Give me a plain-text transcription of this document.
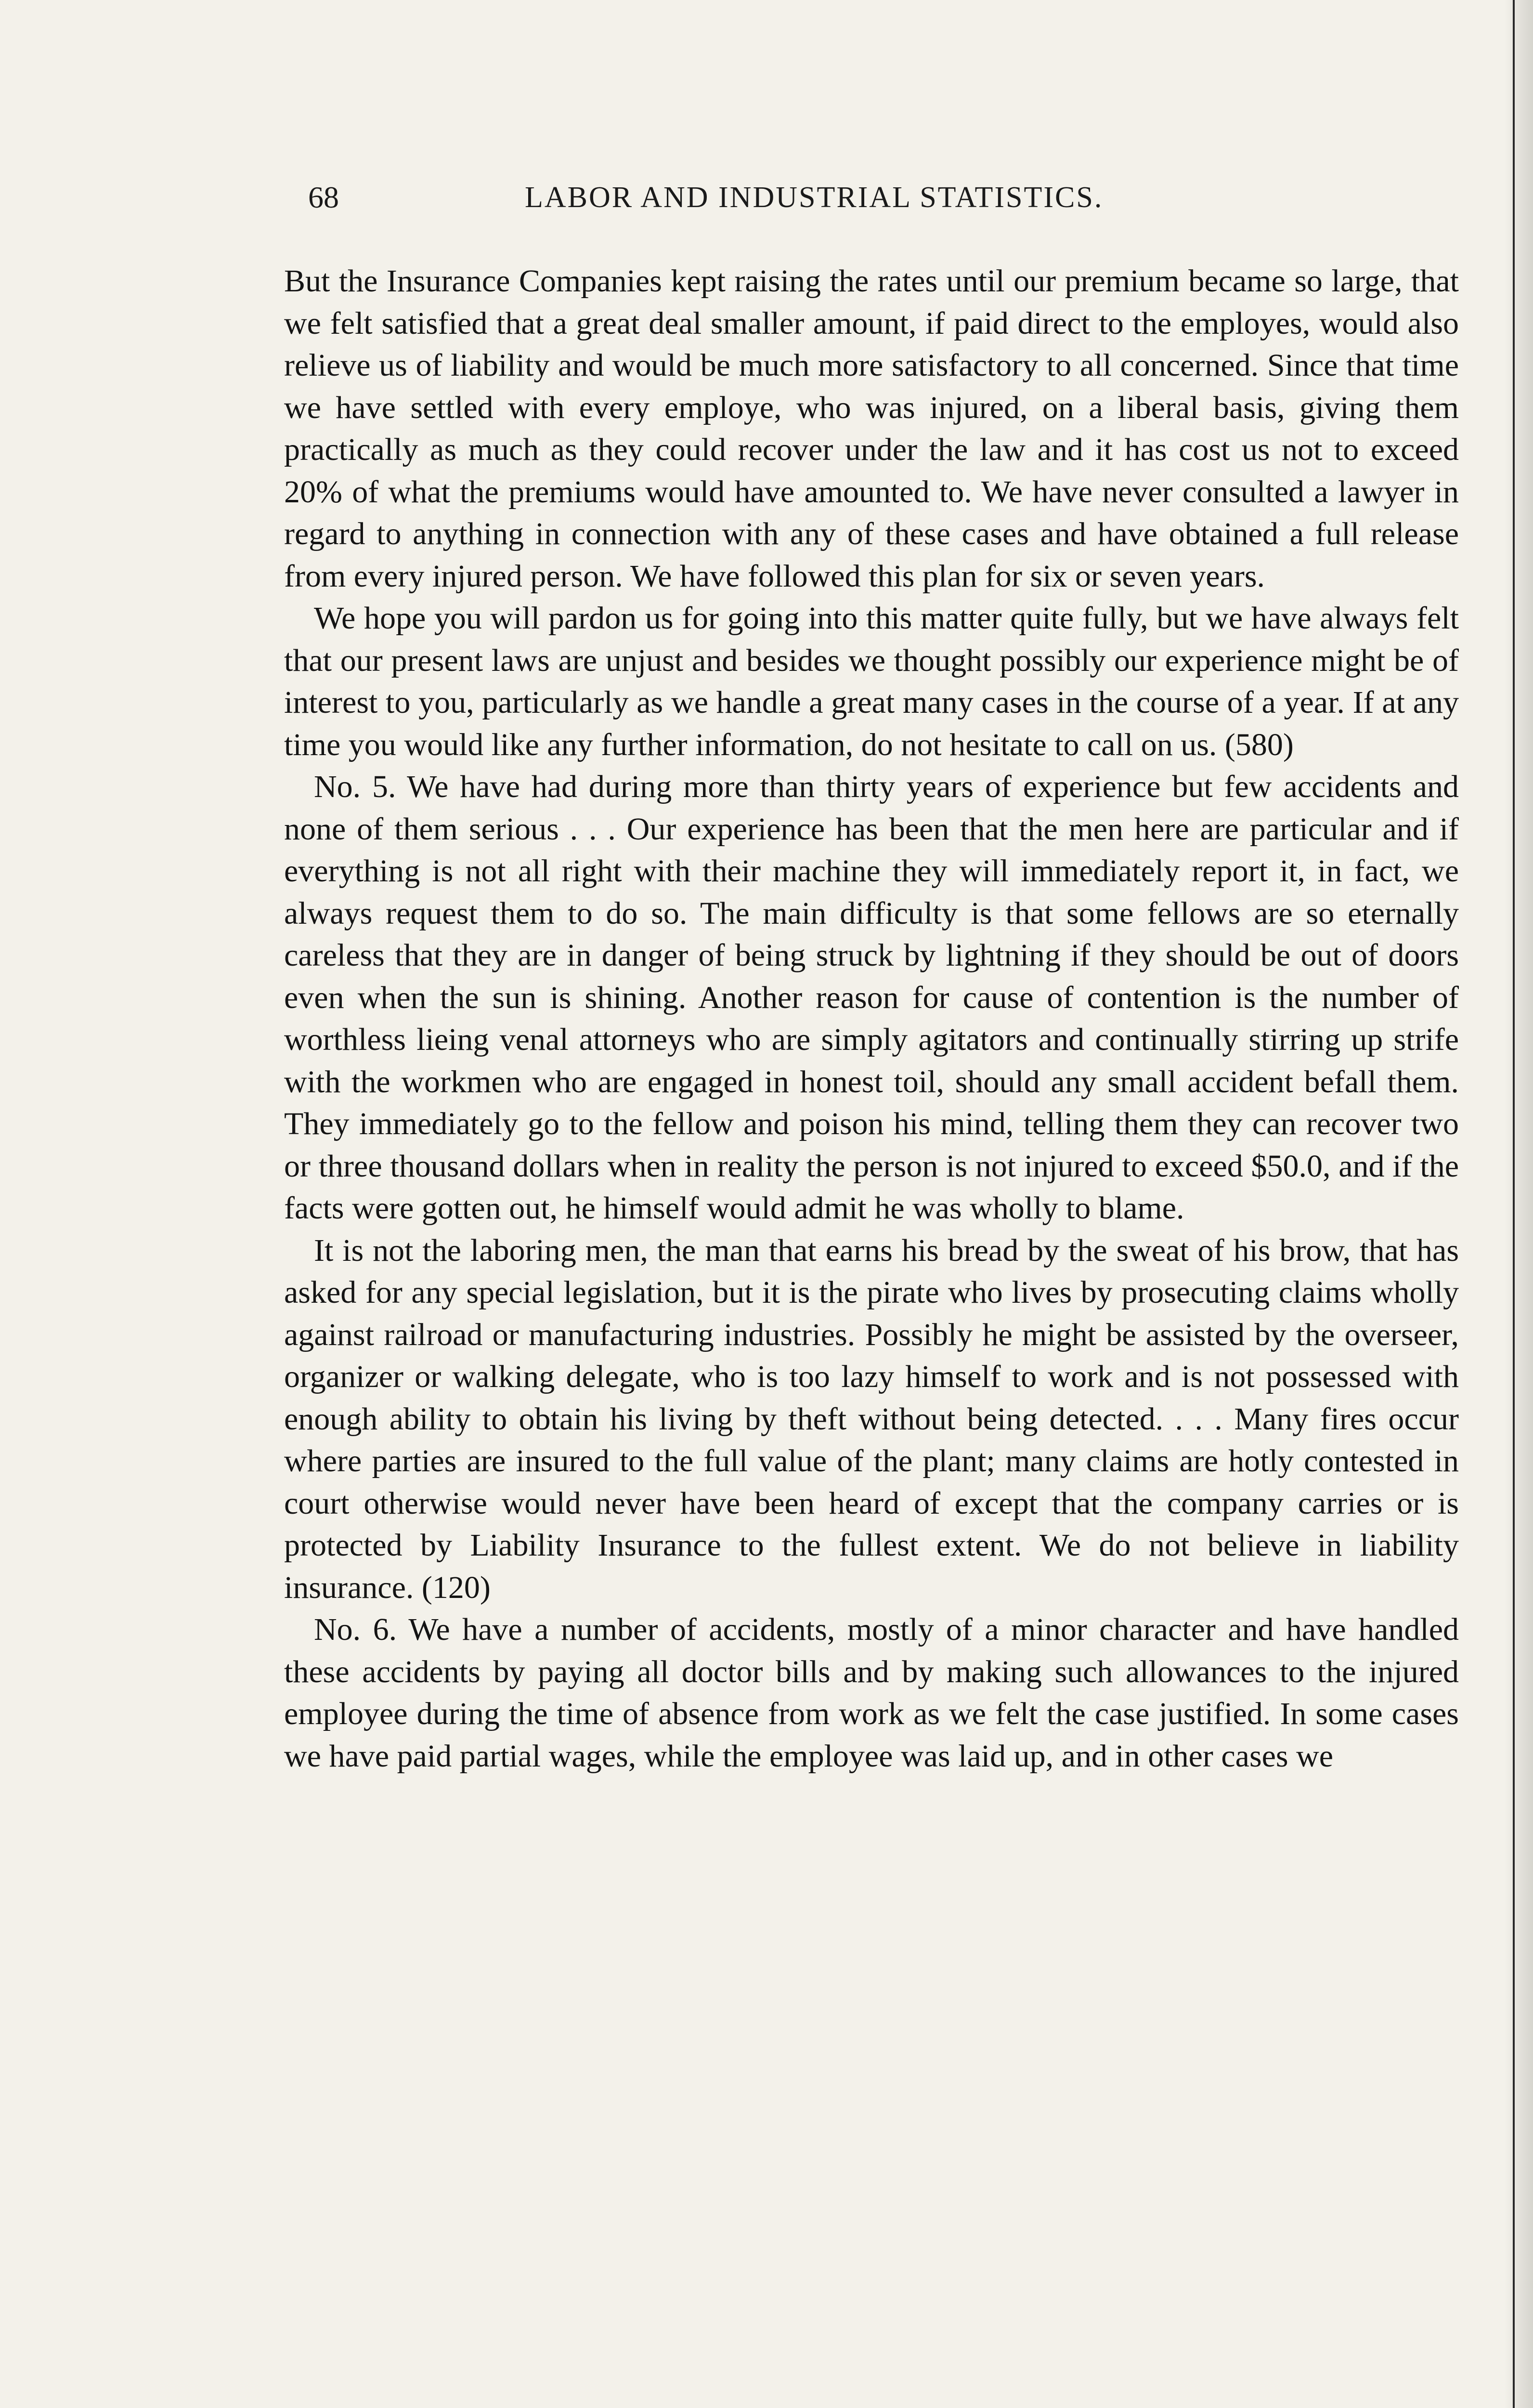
68	LABOR AND INDUSTRIAL STATISTICS.

But the Insurance Companies kept raising the rates until our premium became so large, that we felt satisfied that a great deal smaller amount, if paid direct to the employes, would also relieve us of liability and would be much more satisfactory to all concerned. Since that time we have settled with every employe, who was injured, on a liberal basis, giving them practically as much as they could recover under the law and it has cost us not to exceed 20% of what the premiums would have amounted to. We have never consulted a lawyer in regard to anything in connection with any of these cases and have obtained a full release from every injured person. We have followed this plan for six or seven years.

We hope you will pardon us for going into this matter quite fully, but we have always felt that our present laws are unjust and besides we thought possibly our experience might be of interest to you, particularly as we handle a great many cases in the course of a year. If at any time you would like any further information, do not hesitate to call on us. (580)

No. 5. We have had during more than thirty years of experience but few accidents and none of them serious . . . Our experience has been that the men here are particular and if everything is not all right with their machine they will immediately report it, in fact, we always request them to do so. The main difficulty is that some fellows are so eternally careless that they are in danger of being struck by lightning if they should be out of doors even when the sun is shining. Another reason for cause of contention is the number of worthless lieing venal attorneys who are simply agitators and continually stirring up strife with the workmen who are engaged in honest toil, should any small accident befall them. They immediately go to the fellow and poison his mind, telling them they can recover two or three thousand dollars when in reality the person is not injured to exceed $50.0, and if the facts were gotten out, he himself would admit he was wholly to blame.

It is not the laboring men, the man that earns his bread by the sweat of his brow, that has asked for any special legislation, but it is the pirate who lives by prosecuting claims wholly against railroad or manufacturing industries. Possibly he might be assisted by the overseer, organizer or walking delegate, who is too lazy himself to work and is not possessed with enough ability to obtain his living by theft without being detected. . . . Many fires occur where parties are insured to the full value of the plant; many claims are hotly contested in court otherwise would never have been heard of except that the company carries or is protected by Liability Insurance to the fullest extent. We do not believe in liability insurance. (120)

No. 6. We have a number of accidents, mostly of a minor character and have handled these accidents by paying all doctor bills and by making such allowances to the injured employee during the time of absence from work as we felt the case justified. In some cases we have paid partial wages, while the employee was laid up, and in other cases we
